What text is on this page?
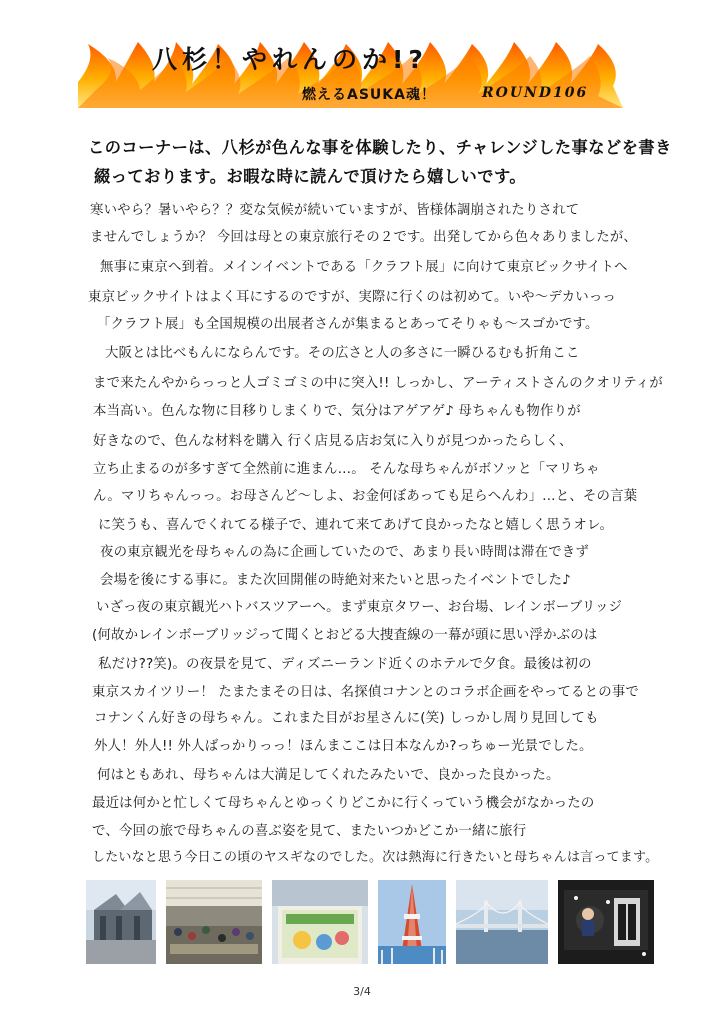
八杉！やれんのか!?
燃えるASUKA魂！	ROUND106
このコーナーは、八杉が色んな事を体験したり、チャレンジした事などを書き
綴っております。お暇な時に読んで頂けたら嬉しいです。
寒いやら？暑いやら？？変な気候が続いていますが、皆様体調崩されたりされて
ませんでしょうか？ 今回は母との東京旅行その２です。出発してから色々ありましたが、
無事に東京へ到着。メインイベントである「クラフト展」に向けて東京ビックサイトへ
東京ビックサイトはよく耳にするのですが、実際に行くのは初めて。いや～デカいっっ
「クラフト展」も全国規模の出展者さんが集まるとあってそりゃも～スゴかです。
大阪とは比べもんにならんです。その広さと人の多さに一瞬ひるむも折角ここ
まで来たんやからっっと人ゴミゴミの中に突入!! しっかし、アーティストさんのクオリティが
本当高い。色んな物に目移りしまくりで、気分はアゲアゲ♪ 母ちゃんも物作りが
好きなので、色んな材料を購入 行く店見る店お気に入りが見つかったらしく、
立ち止まるのが多すぎて全然前に進まん…。 そんな母ちゃんがボソッと「マリちゃ
ん。マリちゃんっっ。お母さんど～しよ、お金何ぼあっても足らへんわ」…と、その言葉
に笑うも、喜んでくれてる様子で、連れて来てあげて良かったなと嬉しく思うオレ。
夜の東京観光を母ちゃんの為に企画していたので、あまり長い時間は滞在できず
会場を後にする事に。また次回開催の時絶対来たいと思ったイベントでした♪
いざっ夜の東京観光ハトバスツアーへ。まず東京タワー、お台場、レインボーブリッジ
(何故かレインボーブリッジって聞くとおどる大捜査線の一幕が頭に思い浮かぶのは
私だけ??笑)。の夜景を見て、ディズニーランド近くのホテルで夕食。最後は初の
東京スカイツリー！ たまたまその日は、名探偵コナンとのコラボ企画をやってるとの事で
コナンくん好きの母ちゃん。これまた目がお星さんに(笑) しっかし周り見回しても
外人！外人!! 外人ばっかりっっ！ほんまここは日本なんか?っちゅー光景でした。
何はともあれ、母ちゃんは大満足してくれたみたいで、良かった良かった。
最近は何かと忙しくて母ちゃんとゆっくりどこかに行くっていう機会がなかったの
で、今回の旅で母ちゃんの喜ぶ姿を見て、またいつかどこか一緒に旅行
したいなと思う今日この頃のヤスギなのでした。次は熱海に行きたいと母ちゃんは言ってます。
3/4
